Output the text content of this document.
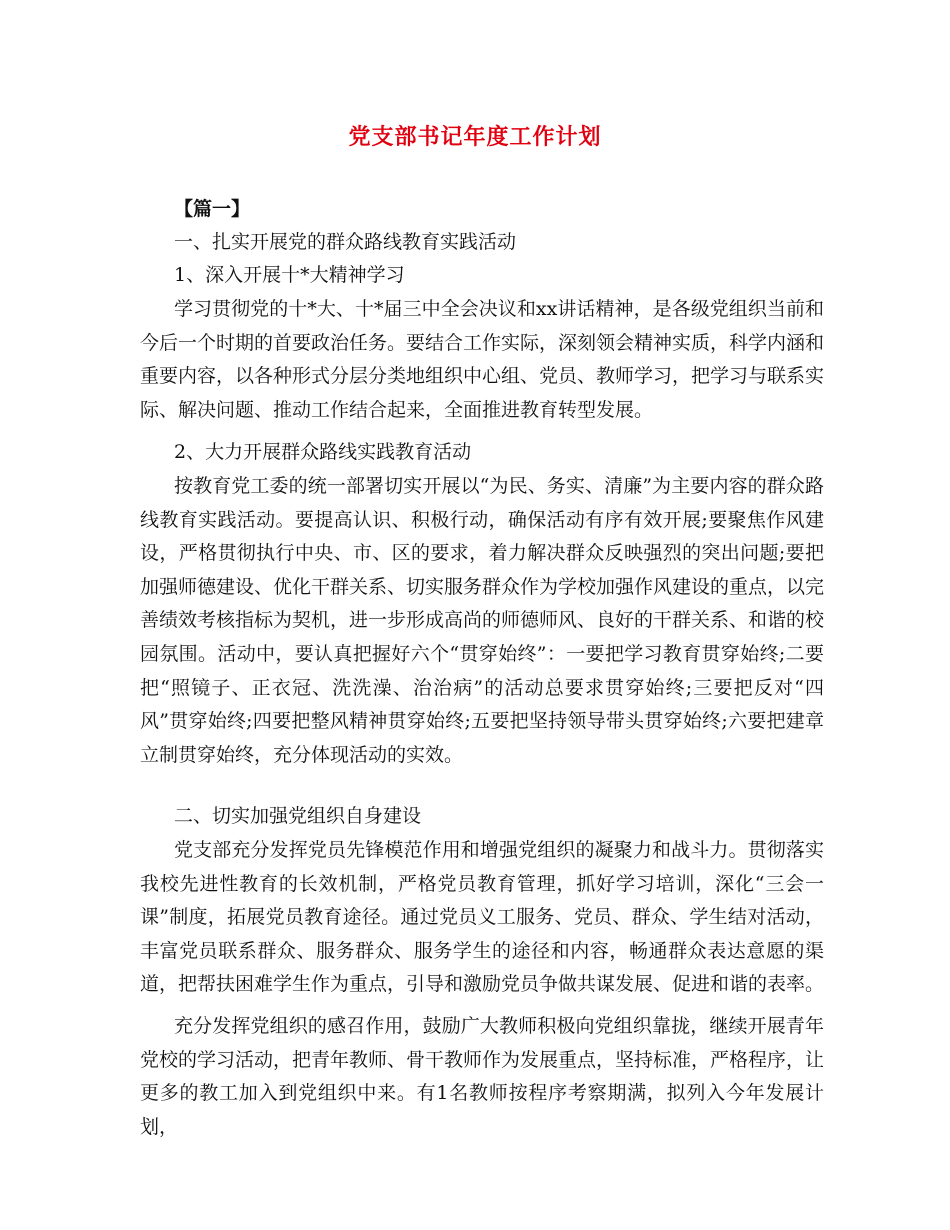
党支部书记年度工作计划
【篇一】
一、扎实开展党的群众路线教育实践活动
1、深入开展十*大精神学习

学习贯彻党的十*大、十*届三中全会决议和xx讲话精神，是各级党组织当前和今后一个时期的首要政治任务。要结合工作实际，深刻领会精神实质，科学内涵和重要内容，以各种形式分层分类地组织中心组、党员、教师学习，把学习与联系实际、解决问题、推动工作结合起来，全面推进教育转型发展。

2、大力开展群众路线实践教育活动

按教育党工委的统一部署切实开展以“为民、务实、清廉”为主要内容的群众路线教育实践活动。要提高认识、积极行动，确保活动有序有效开展;要聚焦作风建设，严格贯彻执行中央、市、区的要求，着力解决群众反映强烈的突出问题;要把加强师德建设、优化干群关系、切实服务群众作为学校加强作风建设的重点，以完善绩效考核指标为契机，进一步形成高尚的师德师风、良好的干群关系、和谐的校园氛围。活动中，要认真把握好六个“贯穿始终”：一要把学习教育贯穿始终;二要把“照镜子、正衣冠、洗洗澡、治治病”的活动总要求贯穿始终;三要把反对“四风”贯穿始终;四要把整风精神贯穿始终;五要把坚持领导带头贯穿始终;六要把建章立制贯穿始终，充分体现活动的实效。

二、切实加强党组织自身建设

党支部充分发挥党员先锋模范作用和增强党组织的凝聚力和战斗力。贯彻落实我校先进性教育的长效机制，严格党员教育管理，抓好学习培训，深化“三会一课”制度，拓展党员教育途径。通过党员义工服务、党员、群众、学生结对活动，丰富党员联系群众、服务群众、服务学生的途径和内容，畅通群众表达意愿的渠道，把帮扶困难学生作为重点，引导和激励党员争做共谋发展、促进和谐的表率。

充分发挥党组织的感召作用，鼓励广大教师积极向党组织靠拢，继续开展青年党校的学习活动，把青年教师、骨干教师作为发展重点，坚持标准，严格程序，让更多的教工加入到党组织中来。有1名教师按程序考察期满，拟列入今年发展计划，
